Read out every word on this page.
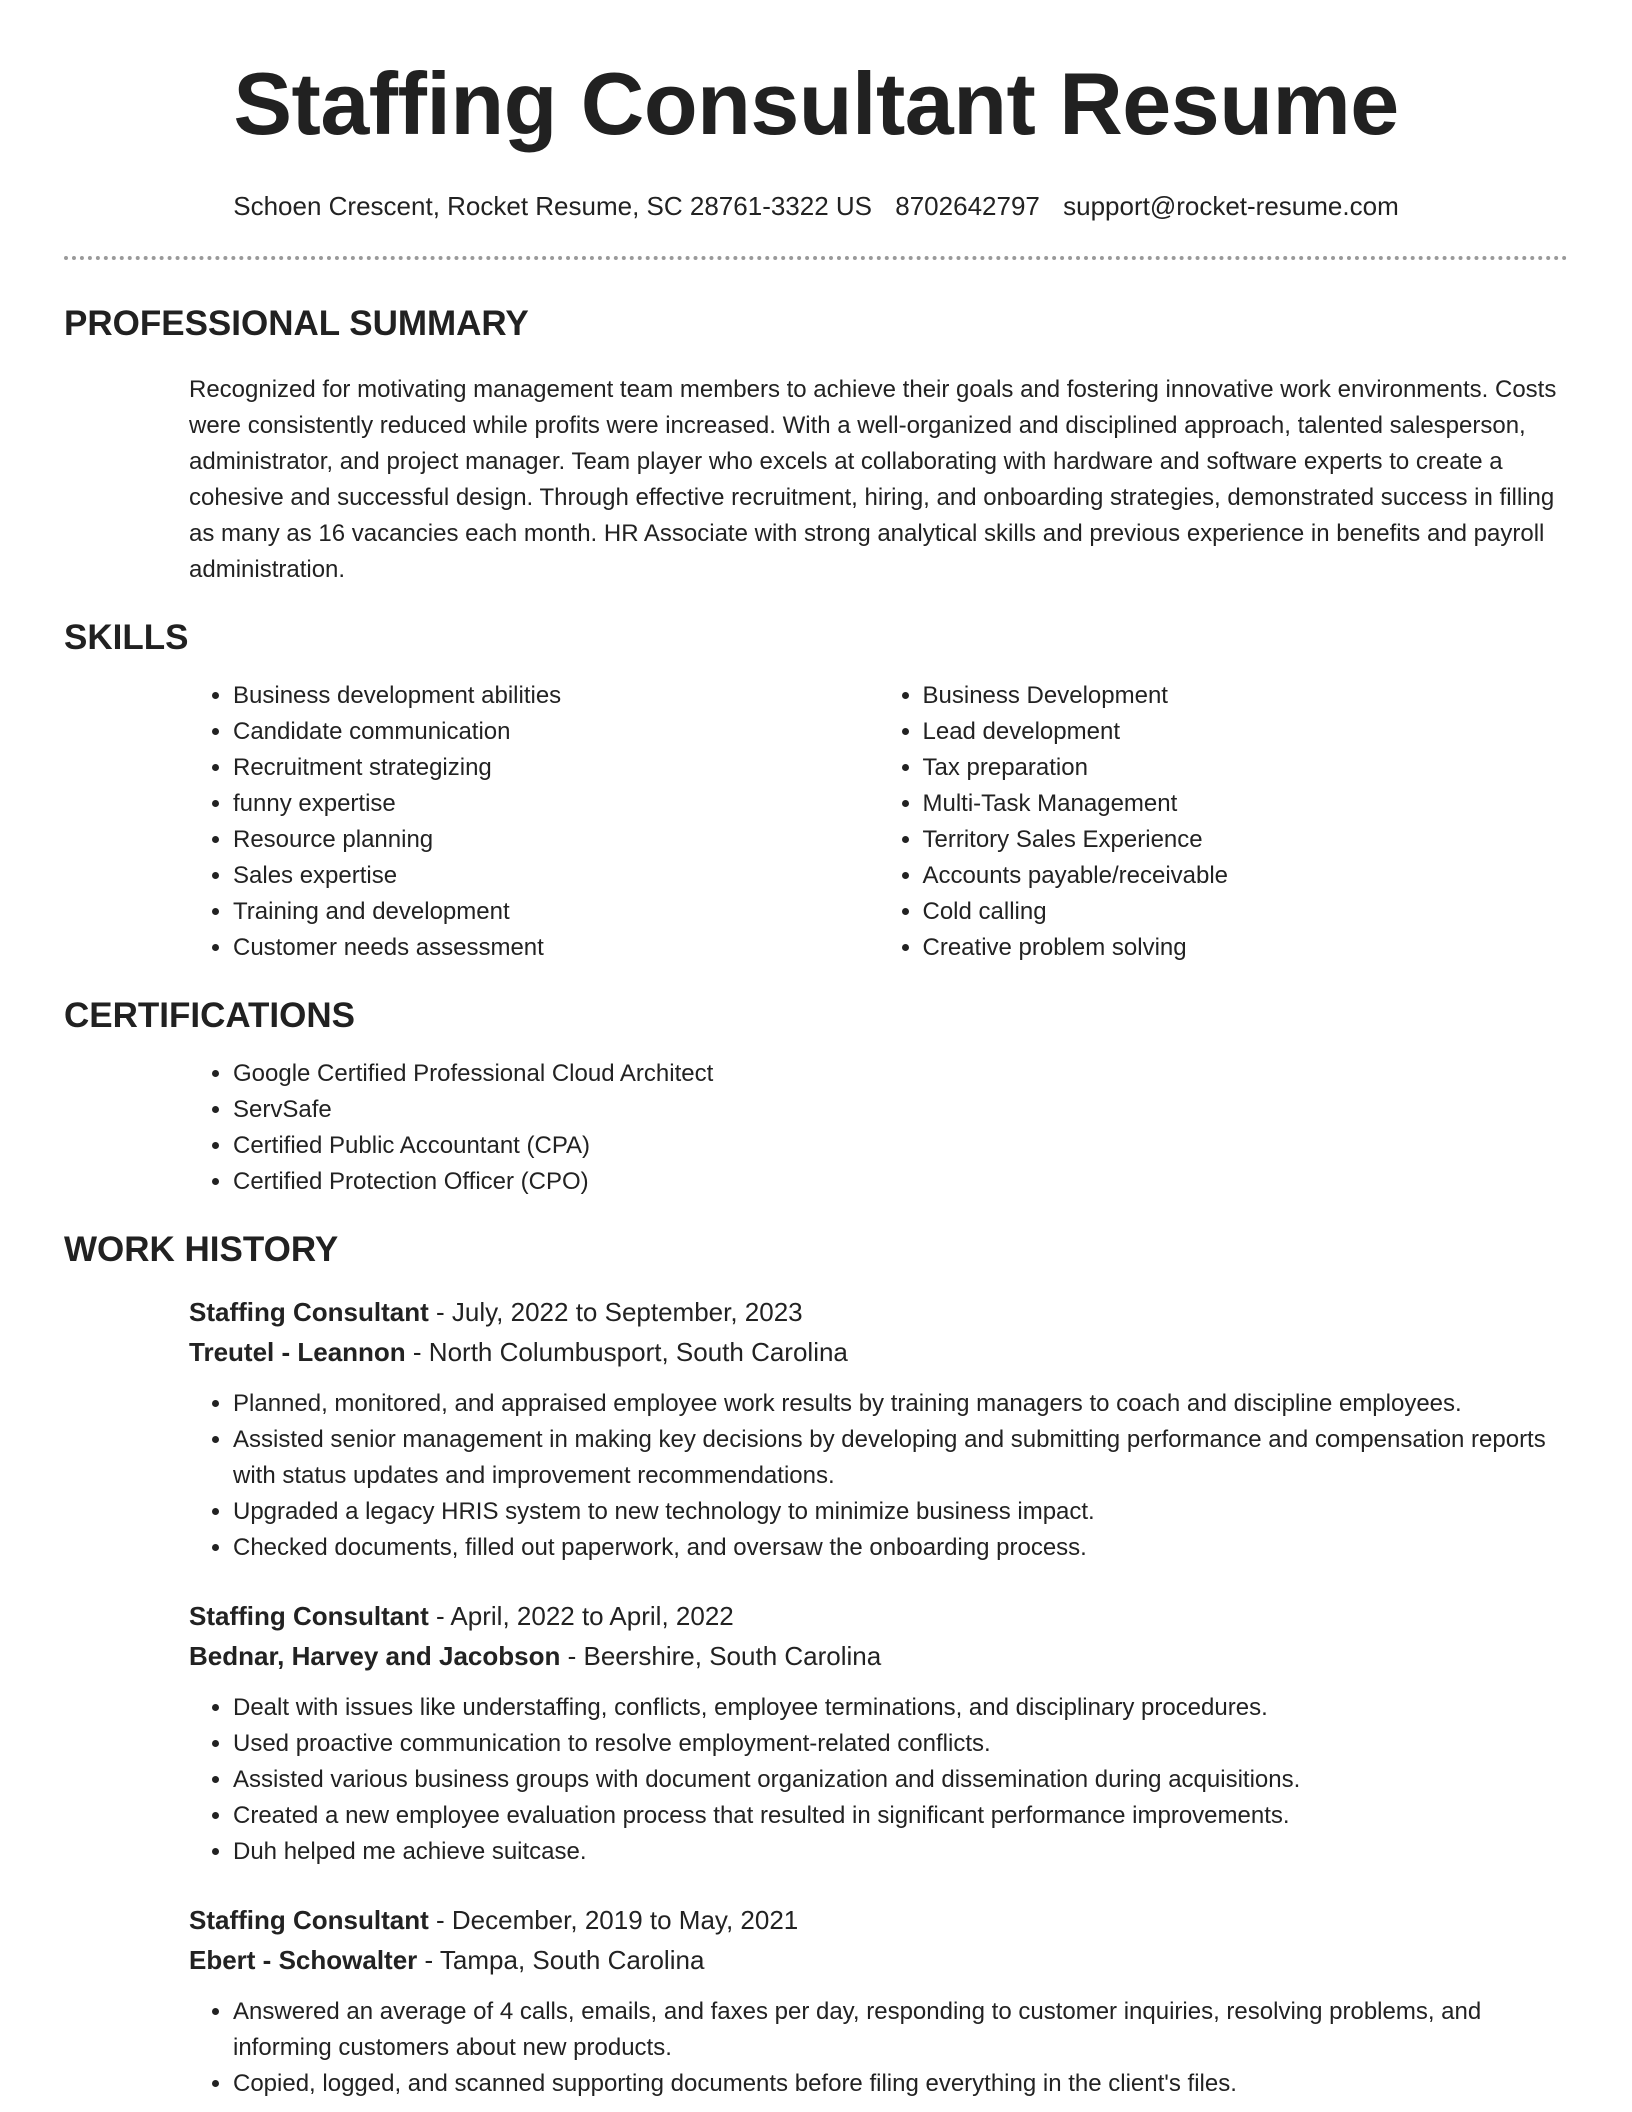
Staffing Consultant Resume
Schoen Crescent, Rocket Resume, SC 28761-3322 US 8702642797 support@rocket-resume.com
PROFESSIONAL SUMMARY

Recognized for motivating management team members to achieve their goals and fostering innovative work environments. Costs were consistently reduced while profits were increased. With a well-organized and disciplined approach, talented salesperson, administrator, and project manager. Team player who excels at collaborating with hardware and software experts to create a cohesive and successful design. Through effective recruitment, hiring, and onboarding strategies, demonstrated success in filling as many as 16 vacancies each month. HR Associate with strong analytical skills and previous experience in benefits and payroll administration.

SKILLS
• Business development abilities
• Candidate communication
• Recruitment strategizing
• funny expertise
• Resource planning
• Sales expertise
• Training and development
• Customer needs assessment
• Business Development
• Lead development
• Tax preparation
• Multi-Task Management
• Territory Sales Experience
• Accounts payable/receivable
• Cold calling
• Creative problem solving
CERTIFICATIONS
• Google Certified Professional Cloud Architect
• ServSafe
• Certified Public Accountant (CPA)
• Certified Protection Officer (CPO)
WORK HISTORY
Staffing Consultant - July, 2022 to September, 2023
Treutel - Leannon - North Columbusport, South Carolina
• Planned, monitored, and appraised employee work results by training managers to coach and discipline employees.
• Assisted senior management in making key decisions by developing and submitting performance and compensation reports with status updates and improvement recommendations.
• Upgraded a legacy HRIS system to new technology to minimize business impact.
• Checked documents, filled out paperwork, and oversaw the onboarding process.
Staffing Consultant - April, 2022 to April, 2022
Bednar, Harvey and Jacobson - Beershire, South Carolina
• Dealt with issues like understaffing, conflicts, employee terminations, and disciplinary procedures.
• Used proactive communication to resolve employment-related conflicts.
• Assisted various business groups with document organization and dissemination during acquisitions.
• Created a new employee evaluation process that resulted in significant performance improvements.
• Duh helped me achieve suitcase.
Staffing Consultant - December, 2019 to May, 2021
Ebert - Schowalter - Tampa, South Carolina
• Answered an average of 4 calls, emails, and faxes per day, responding to customer inquiries, resolving problems, and informing customers about new products.
• Copied, logged, and scanned supporting documents before filing everything in the client's files.
